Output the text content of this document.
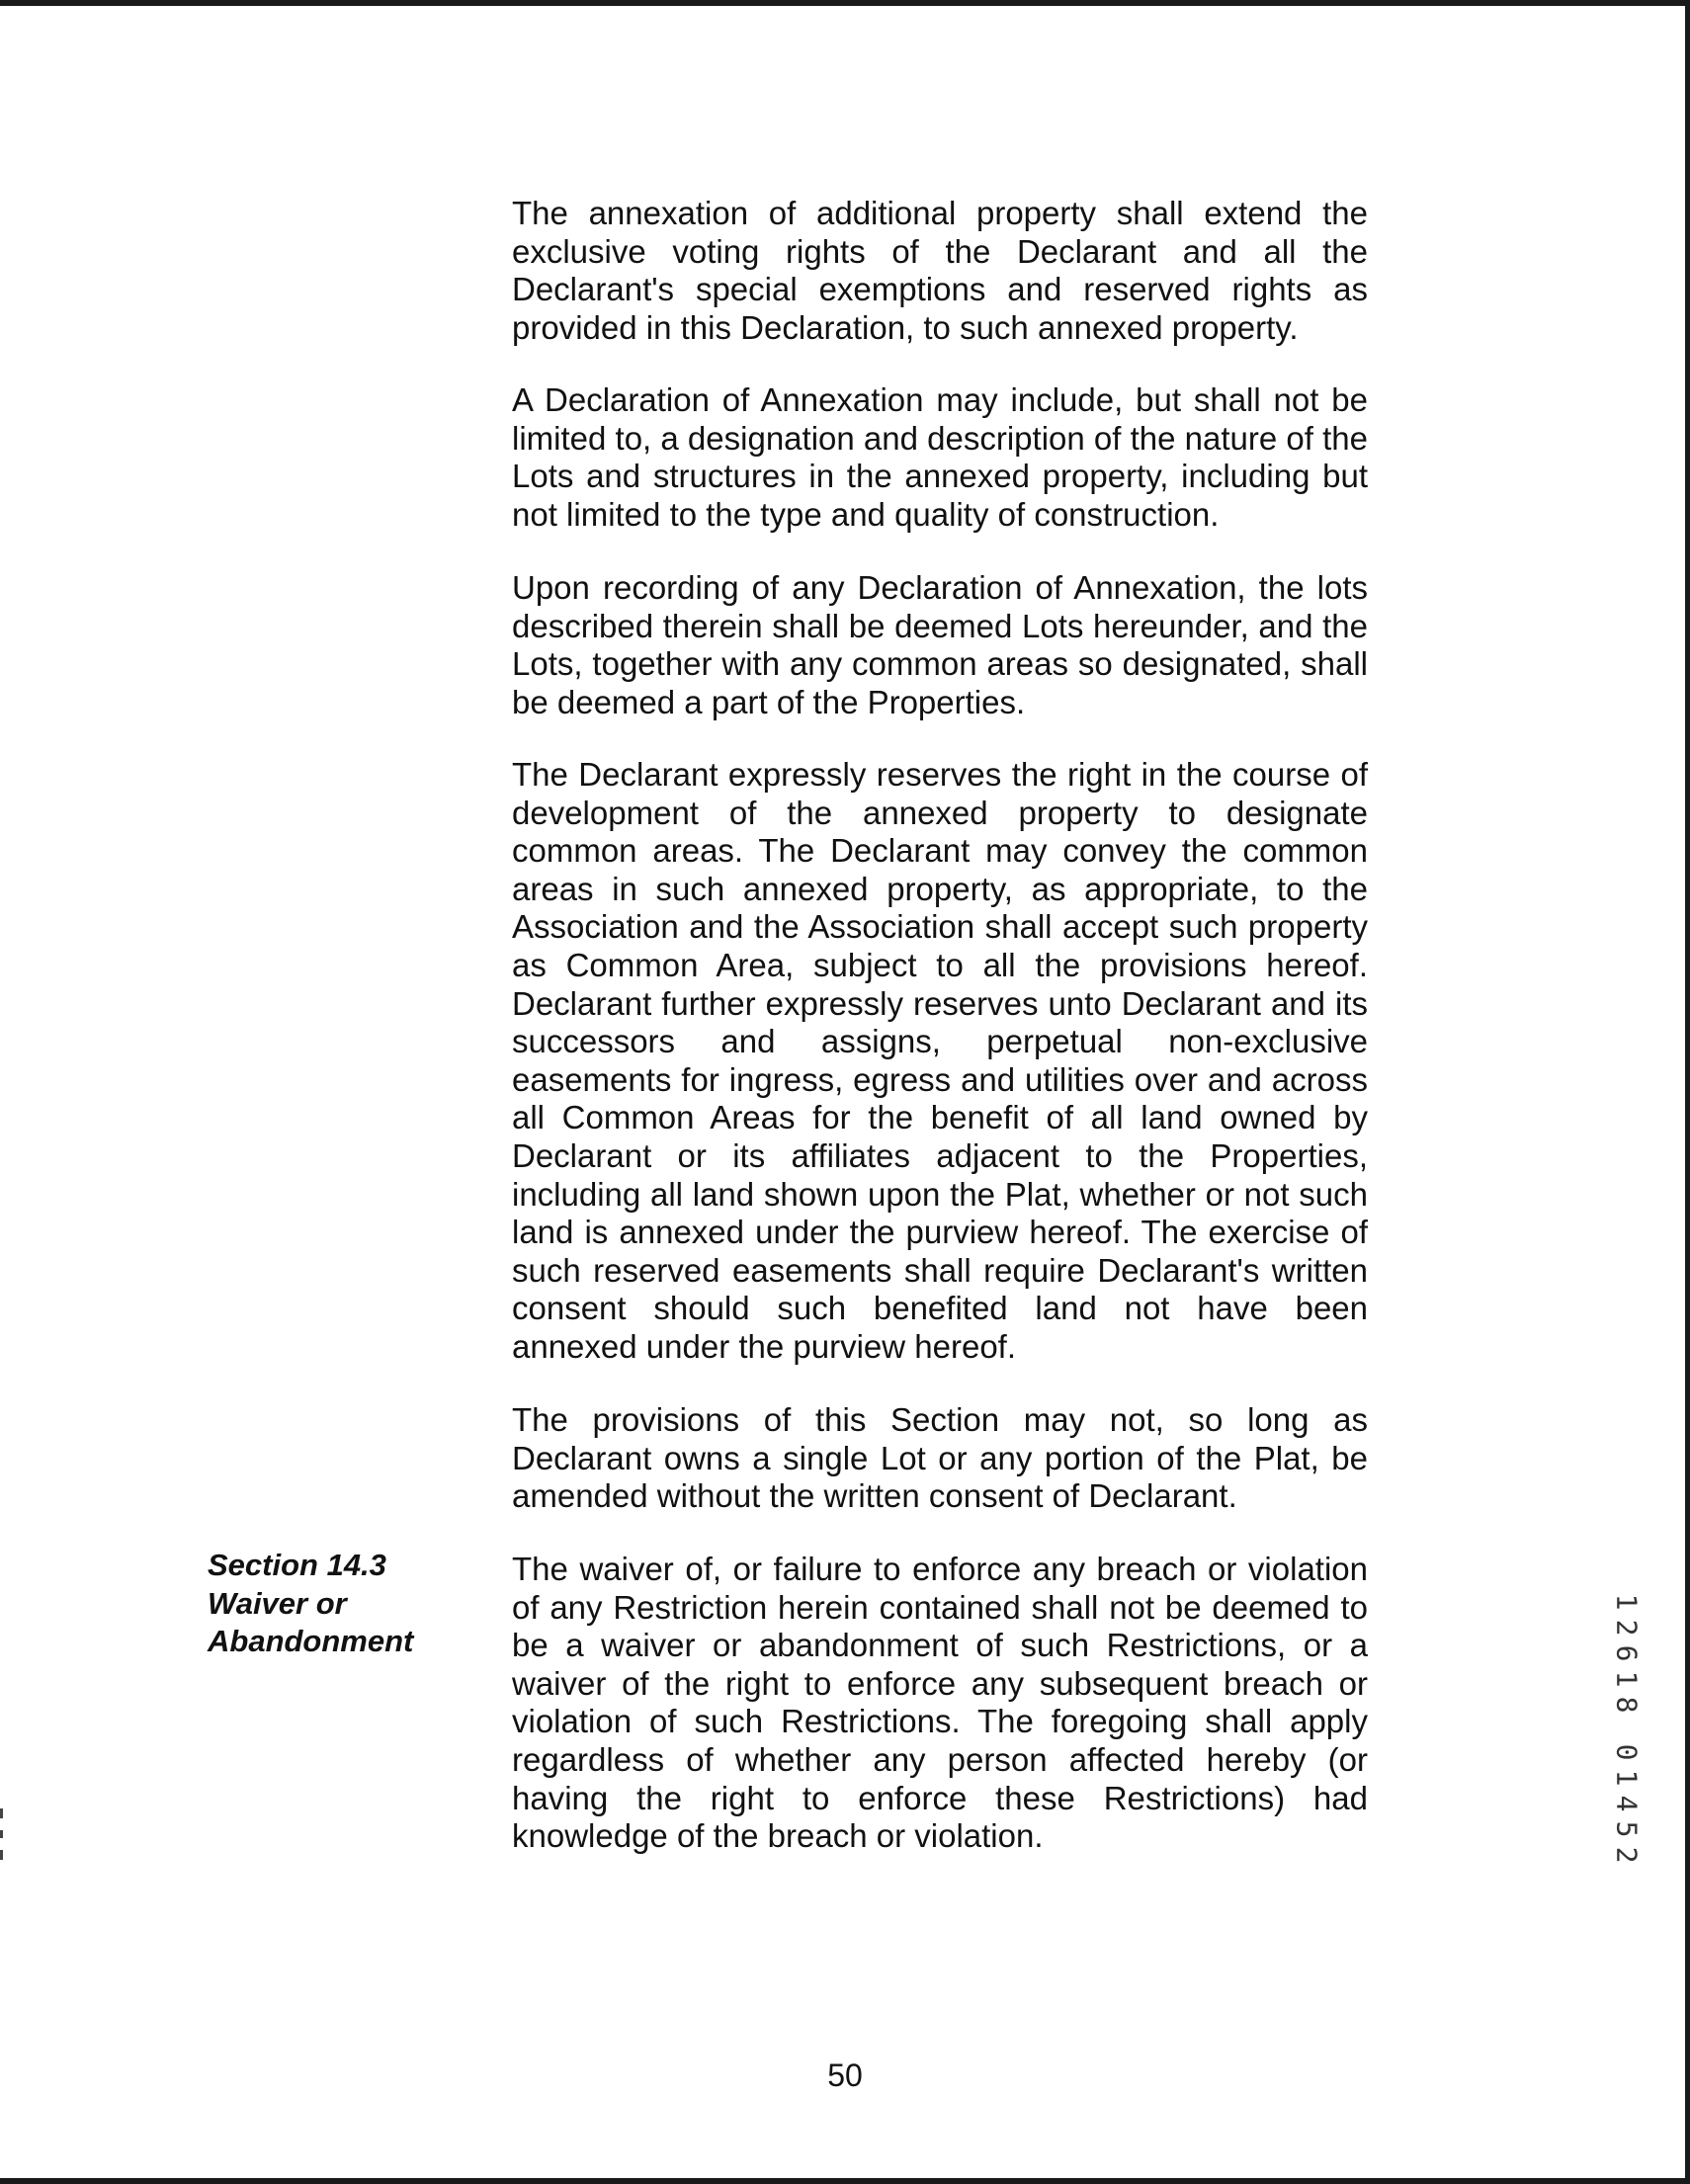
The annexation of additional property shall extend the exclusive voting rights of the Declarant and all the Declarant's special exemptions and reserved rights as provided in this Declaration, to such annexed property.

A Declaration of Annexation may include, but shall not be limited to, a designation and description of the nature of the Lots and structures in the annexed property, including but not limited to the type and quality of construction.

Upon recording of any Declaration of Annexation, the lots described therein shall be deemed Lots hereunder, and the Lots, together with any common areas so designated, shall be deemed a part of the Properties.

The Declarant expressly reserves the right in the course of development of the annexed property to designate common areas. The Declarant may convey the common areas in such annexed property, as appropriate, to the Association and the Association shall accept such property as Common Area, subject to all the provisions hereof. Declarant further expressly reserves unto Declarant and its successors and assigns, perpetual non-exclusive easements for ingress, egress and utilities over and across all Common Areas for the benefit of all land owned by Declarant or its affiliates adjacent to the Properties, including all land shown upon the Plat, whether or not such land is annexed under the purview hereof. The exercise of such reserved easements shall require Declarant's written consent should such benefited land not have been annexed under the purview hereof.

The provisions of this Section may not, so long as Declarant owns a single Lot or any portion of the Plat, be amended without the written consent of Declarant.

Section 14.3
Waiver or
Abandonment

The waiver of, or failure to enforce any breach or violation of any Restriction herein contained shall not be deemed to be a waiver or abandonment of such Restrictions, or a waiver of the right to enforce any subsequent breach or violation of such Restrictions. The foregoing shall apply regardless of whether any person affected hereby (or having the right to enforce these Restrictions) had knowledge of the breach or violation.

1
2
6
1
8
0
1
4
5
2
50
